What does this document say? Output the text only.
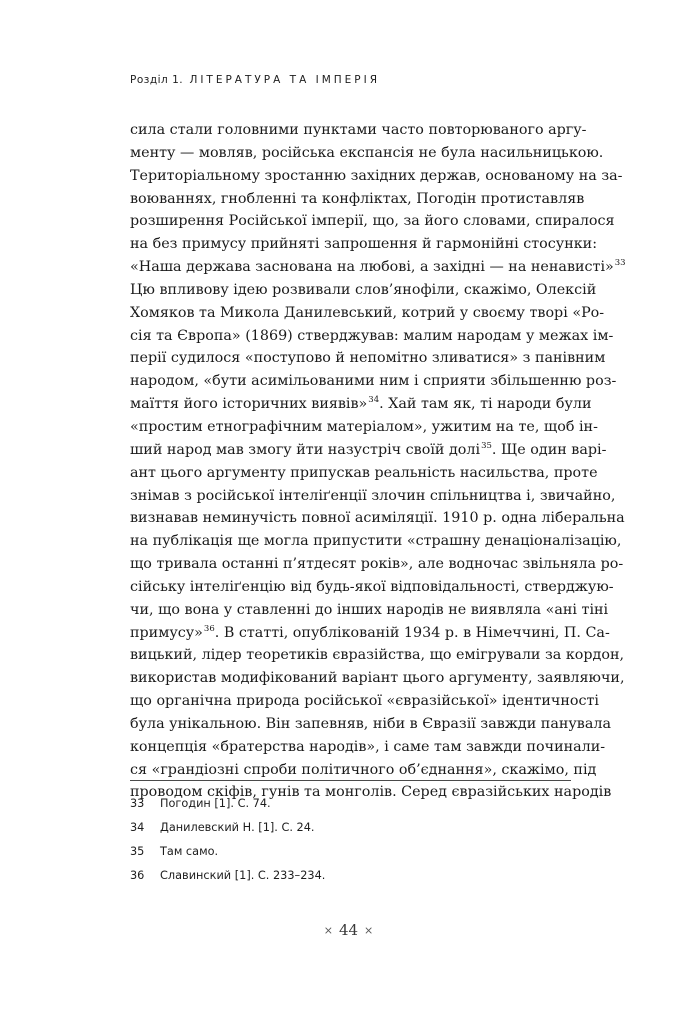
Розділ 1. ЛІТЕРАТУРА ТА ІМПЕРІЯ
сила стали головними пунктами часто повторюваного аргу-
менту — мовляв, російська експансія не була насильницькою.
Територіальному зростанню західних держав, основаному на за-
воюваннях, гнобленні та конфліктах, Погодін протиставляв
розширення Російської імперії, що, за його словами, спиралося
на без примусу прийняті запрошення й гармонійні стосунки:
«Наша держава заснована на любові, а західні — на ненависті»$^{33}$
Цю впливову ідею розвивали слов’янофіли, скажімо, Олексій
Хомяков та Микола Данилевський, котрий у своєму творі «Ро-
сія та Європа» (1869) стверджував: малим народам у межах ім-
перії судилося «поступово й непомітно зливатися» з панівним
народом, «бути асимільованими ним і сприяти збільшенню роз-
маїття його історичних виявів»$^{34}$. Хай там як, ті народи були
«простим етнографічним матеріалом», ужитим на те, щоб ін-
ший народ мав змогу йти назустріч своїй долі$^{35}$. Ще один варі-
ант цього аргументу припускав реальність насильства, проте
знімав з російської інтеліґенції злочин спільництва і, звичайно,
визнавав неминучість повної асиміляції. 1910 р. одна ліберальна
на публікація ще могла припустити «страшну денаціоналізацію,
що тривала останні п’ятдесят років», але водночас звільняла ро-
сійську інтеліґенцію від будь-якої відповідальності, стверджую-
чи, що вона у ставленні до інших народів не виявляла «ані тіні
примусу»$^{36}$. В статті, опублікованій 1934 р. в Німеччині, П. Са-
вицький, лідер теоретиків євразійства, що емігрували за кордон,
використав модифікований варіант цього аргументу, заявляючи,
що органічна природа російської «євразійської» ідентичності
була унікальною. Він запевняв, ніби в Євразії завжди панувала
концепція «братерства народів», і саме там завжди починали-
ся «грандіозні спроби політичного об’єднання», скажімо, під
проводом скіфів, гунів та монголів. Серед євразійських народів
33 Погодин [1]. С. 74.
34 Данилевский Н. [1]. С. 24.
35 Там само.
36 Славинский [1]. С. 233–234.
× 44 ×
